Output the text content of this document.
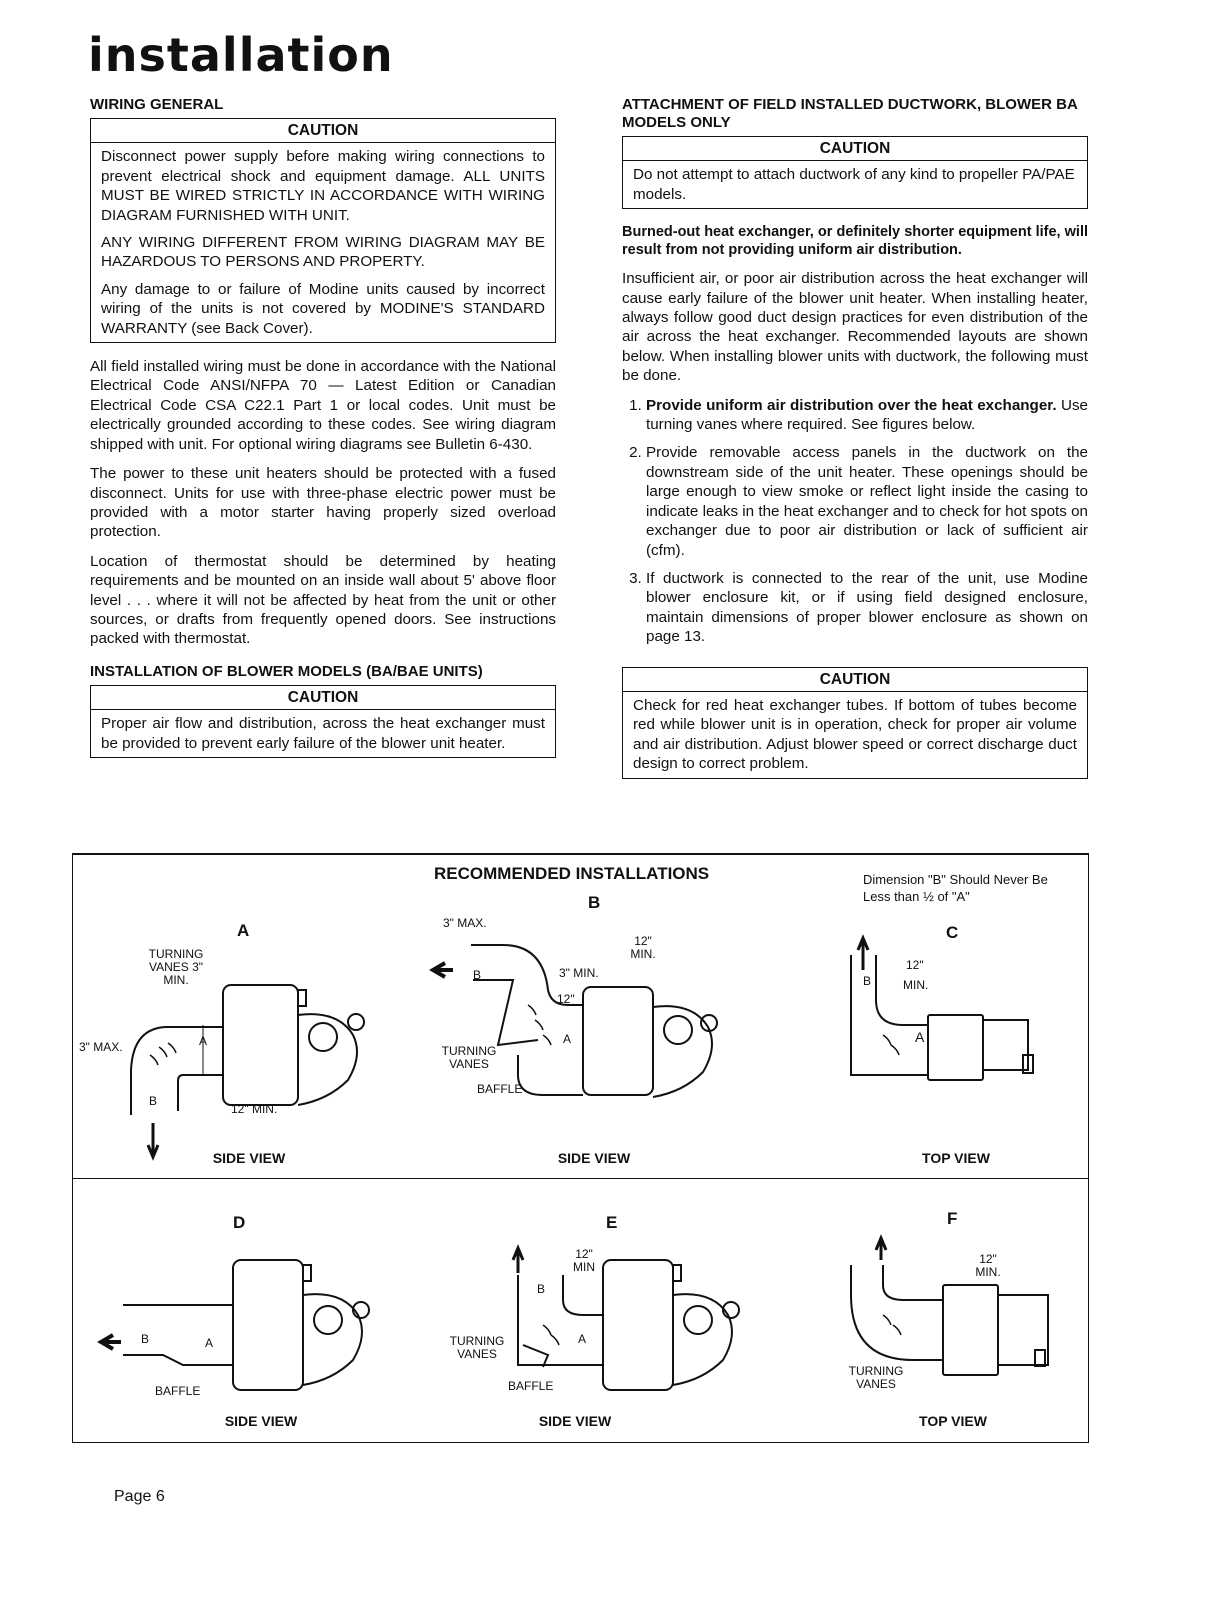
installation
WIRING GENERAL
CAUTION

Disconnect power supply before making wiring connections to prevent electrical shock and equipment damage. ALL UNITS MUST BE WIRED STRICTLY IN ACCORDANCE WITH WIRING DIAGRAM FURNISHED WITH UNIT.

ANY WIRING DIFFERENT FROM WIRING DIAGRAM MAY BE HAZARDOUS TO PERSONS AND PROPERTY.

Any damage to or failure of Modine units caused by incorrect wiring of the units is not covered by MODINE'S STANDARD WARRANTY (see Back Cover).

All field installed wiring must be done in accordance with the National Electrical Code ANSI/NFPA 70 — Latest Edition or Canadian Electrical Code CSA C22.1 Part 1 or local codes. Unit must be electrically grounded according to these codes. See wiring diagram shipped with unit. For optional wiring diagrams see Bulletin 6-430.

The power to these unit heaters should be protected with a fused disconnect. Units for use with three-phase electric power must be provided with a motor starter having properly sized overload protection.

Location of thermostat should be determined by heating requirements and be mounted on an inside wall about 5' above floor level . . . where it will not be affected by heat from the unit or other sources, or drafts from frequently opened doors. See instructions packed with thermostat.

INSTALLATION OF BLOWER MODELS (BA/BAE UNITS)
CAUTION

Proper air flow and distribution, across the heat exchanger must be provided to prevent early failure of the blower unit heater.

ATTACHMENT OF FIELD INSTALLED DUCTWORK, BLOWER BA MODELS ONLY
CAUTION

Do not attempt to attach ductwork of any kind to propeller PA/PAE models.

Burned-out heat exchanger, or definitely shorter equipment life, will result from not providing uniform air distribution.

Insufficient air, or poor air distribution across the heat exchanger will cause early failure of the blower unit heater. When installing heater, always follow good duct design practices for even distribution of the air across the heat exchanger. Recommended layouts are shown below. When installing blower units with ductwork, the following must be done.

1. Provide uniform air distribution over the heat exchanger. Use turning vanes where required. See figures below.
2. Provide removable access panels in the ductwork on the downstream side of the unit heater. These openings should be large enough to view smoke or reflect light inside the casing to indicate leaks in the heat exchanger and to check for hot spots on exchanger due to poor air distribution or lack of sufficient air (cfm).
3. If ductwork is connected to the rear of the unit, use Modine blower enclosure kit, or if using field designed enclosure, maintain dimensions of proper blower enclosure as shown on page 13.
CAUTION

Check for red heat exchanger tubes. If bottom of tubes become red while blower unit is in operation, check for proper air volume and air distribution. Adjust blower speed or correct discharge duct design to correct problem.

RECOMMENDED INSTALLATIONS	Dimension "B" Should Never Be Less than ½ of "A"
A
TURNING VANES 3" MIN.
3" MAX.	A
B
12" MIN.
SIDE VIEW
B
3" MAX.
12" MIN.
B	3" MIN.
12"
A
TURNING VANES
BAFFLE
SIDE VIEW
C
12"
MIN.
B
A
TOP VIEW
D
B	A
BAFFLE
SIDE VIEW
E
12" MIN
B
TURNING VANES
A
BAFFLE
SIDE VIEW
F
12" MIN.
TURNING VANES
TOP VIEW
Page 6
